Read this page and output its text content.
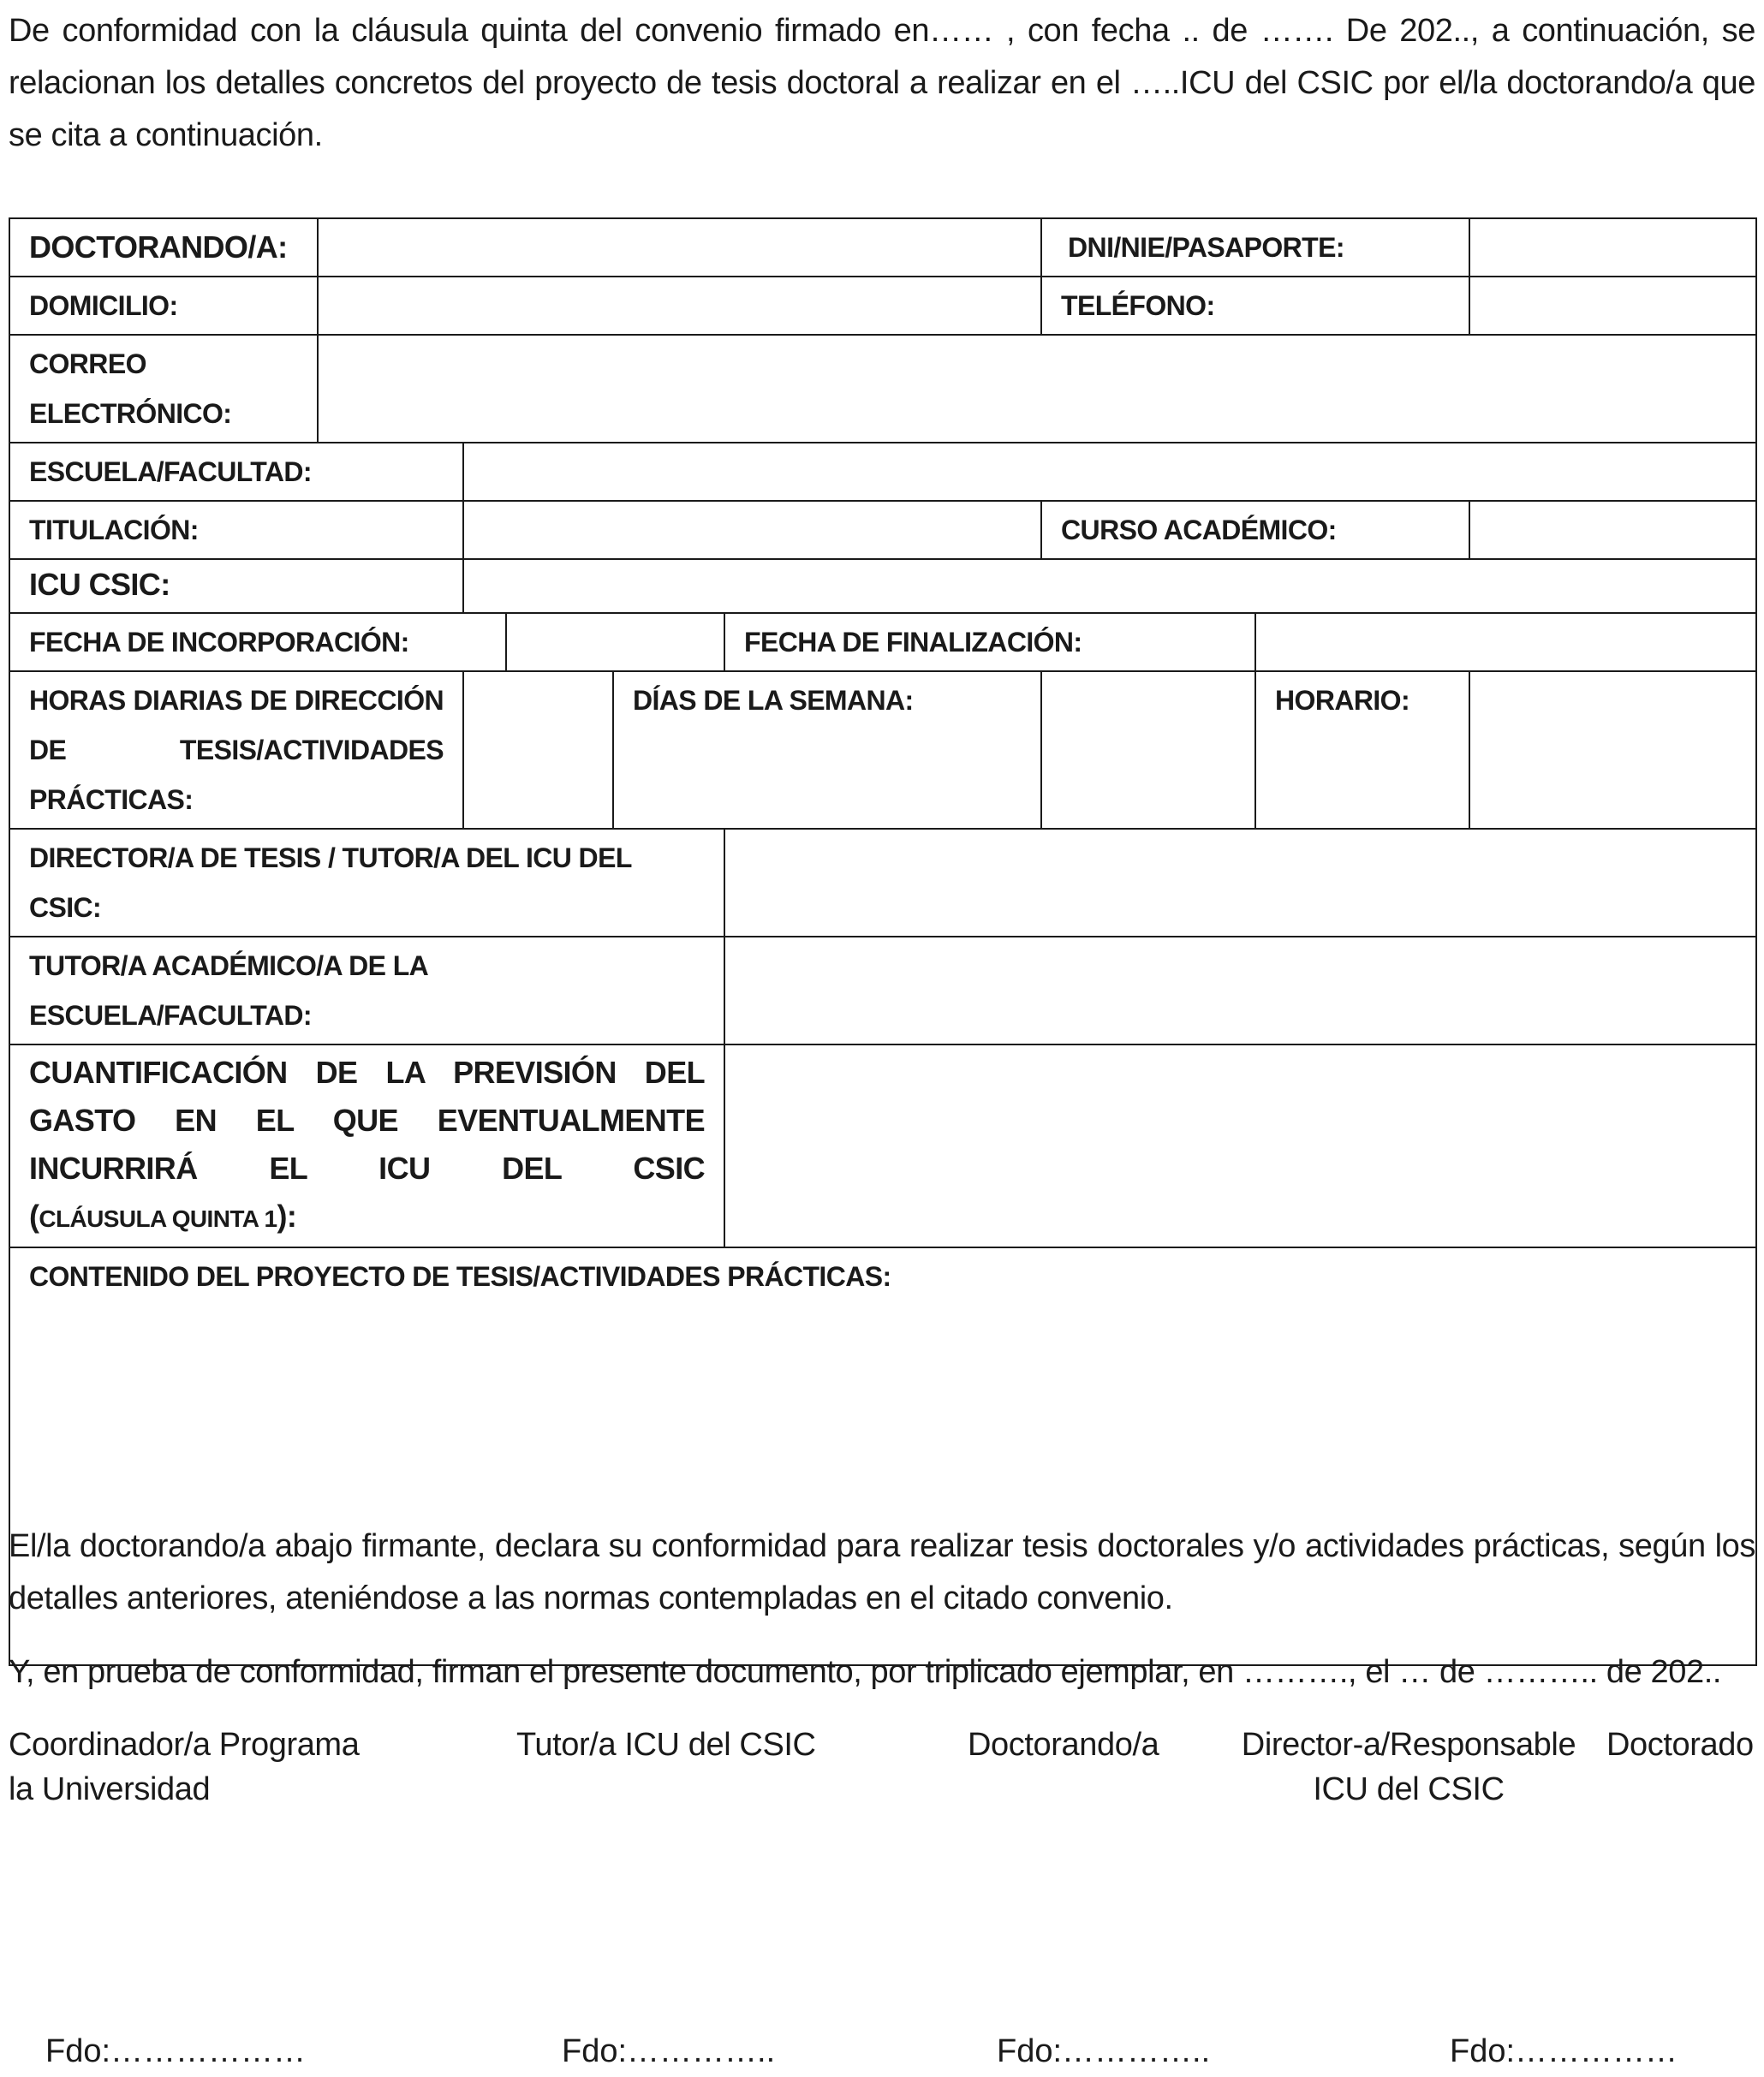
De conformidad con la cláusula quinta del convenio firmado en…… , con fecha .. de ……. De 202.., a continuación, se relacionan los detalles concretos del proyecto de tesis doctoral a realizar en el …..ICU del CSIC por el/la doctorando/a que se cita a continuación.

DOCTORANDO/A:						DNI/NIE/PASAPORTE:		
DOMICILIO:						TELÉFONO:		
CORREO ELECTRÓNICO:								
ESCUELA/FACULTAD:								
TITULACIÓN:						CURSO ACADÉMICO:		
ICU CSIC:								
FECHA DE INCORPORACIÓN:					FECHA DE FINALIZACIÓN:			
HORAS DIARIAS DE DIRECCIÓN DE TESIS/ACTIVIDADES PRÁCTICAS:				DÍAS DE LA SEMANA:			HORARIO:	
DIRECTOR/A DE TESIS / TUTOR/A DEL ICU DEL CSIC:								
TUTOR/A ACADÉMICO/A DE LA ESCUELA/FACULTAD:								

CUANTIFICACIÓN DE LA PREVISIÓN DEL GASTO EN EL QUE EVENTUALMENTE INCURRIRÁ EL ICU DEL CSIC
(CLÁUSULA QUINTA 1):								

CONTENIDO DEL PROYECTO DE TESIS/ACTIVIDADES PRÁCTICAS:								

El/la doctorando/a abajo firmante, declara su conformidad para realizar tesis doctorales y/o actividades prácticas, según los detalles anteriores, ateniéndose a las normas contempladas en el citado convenio.

Y, en prueba de conformidad, firman el presente documento, por triplicado ejemplar, en ………., el … de ……….. de 202..

Coordinador/a Programa
la Universidad
Tutor/a ICU del CSIC	Doctorando/a	Director-a/Responsable
ICU del CSIC
Doctorado
Fdo:………………	Fdo:…………..	Fdo:…………..	Fdo:……………
